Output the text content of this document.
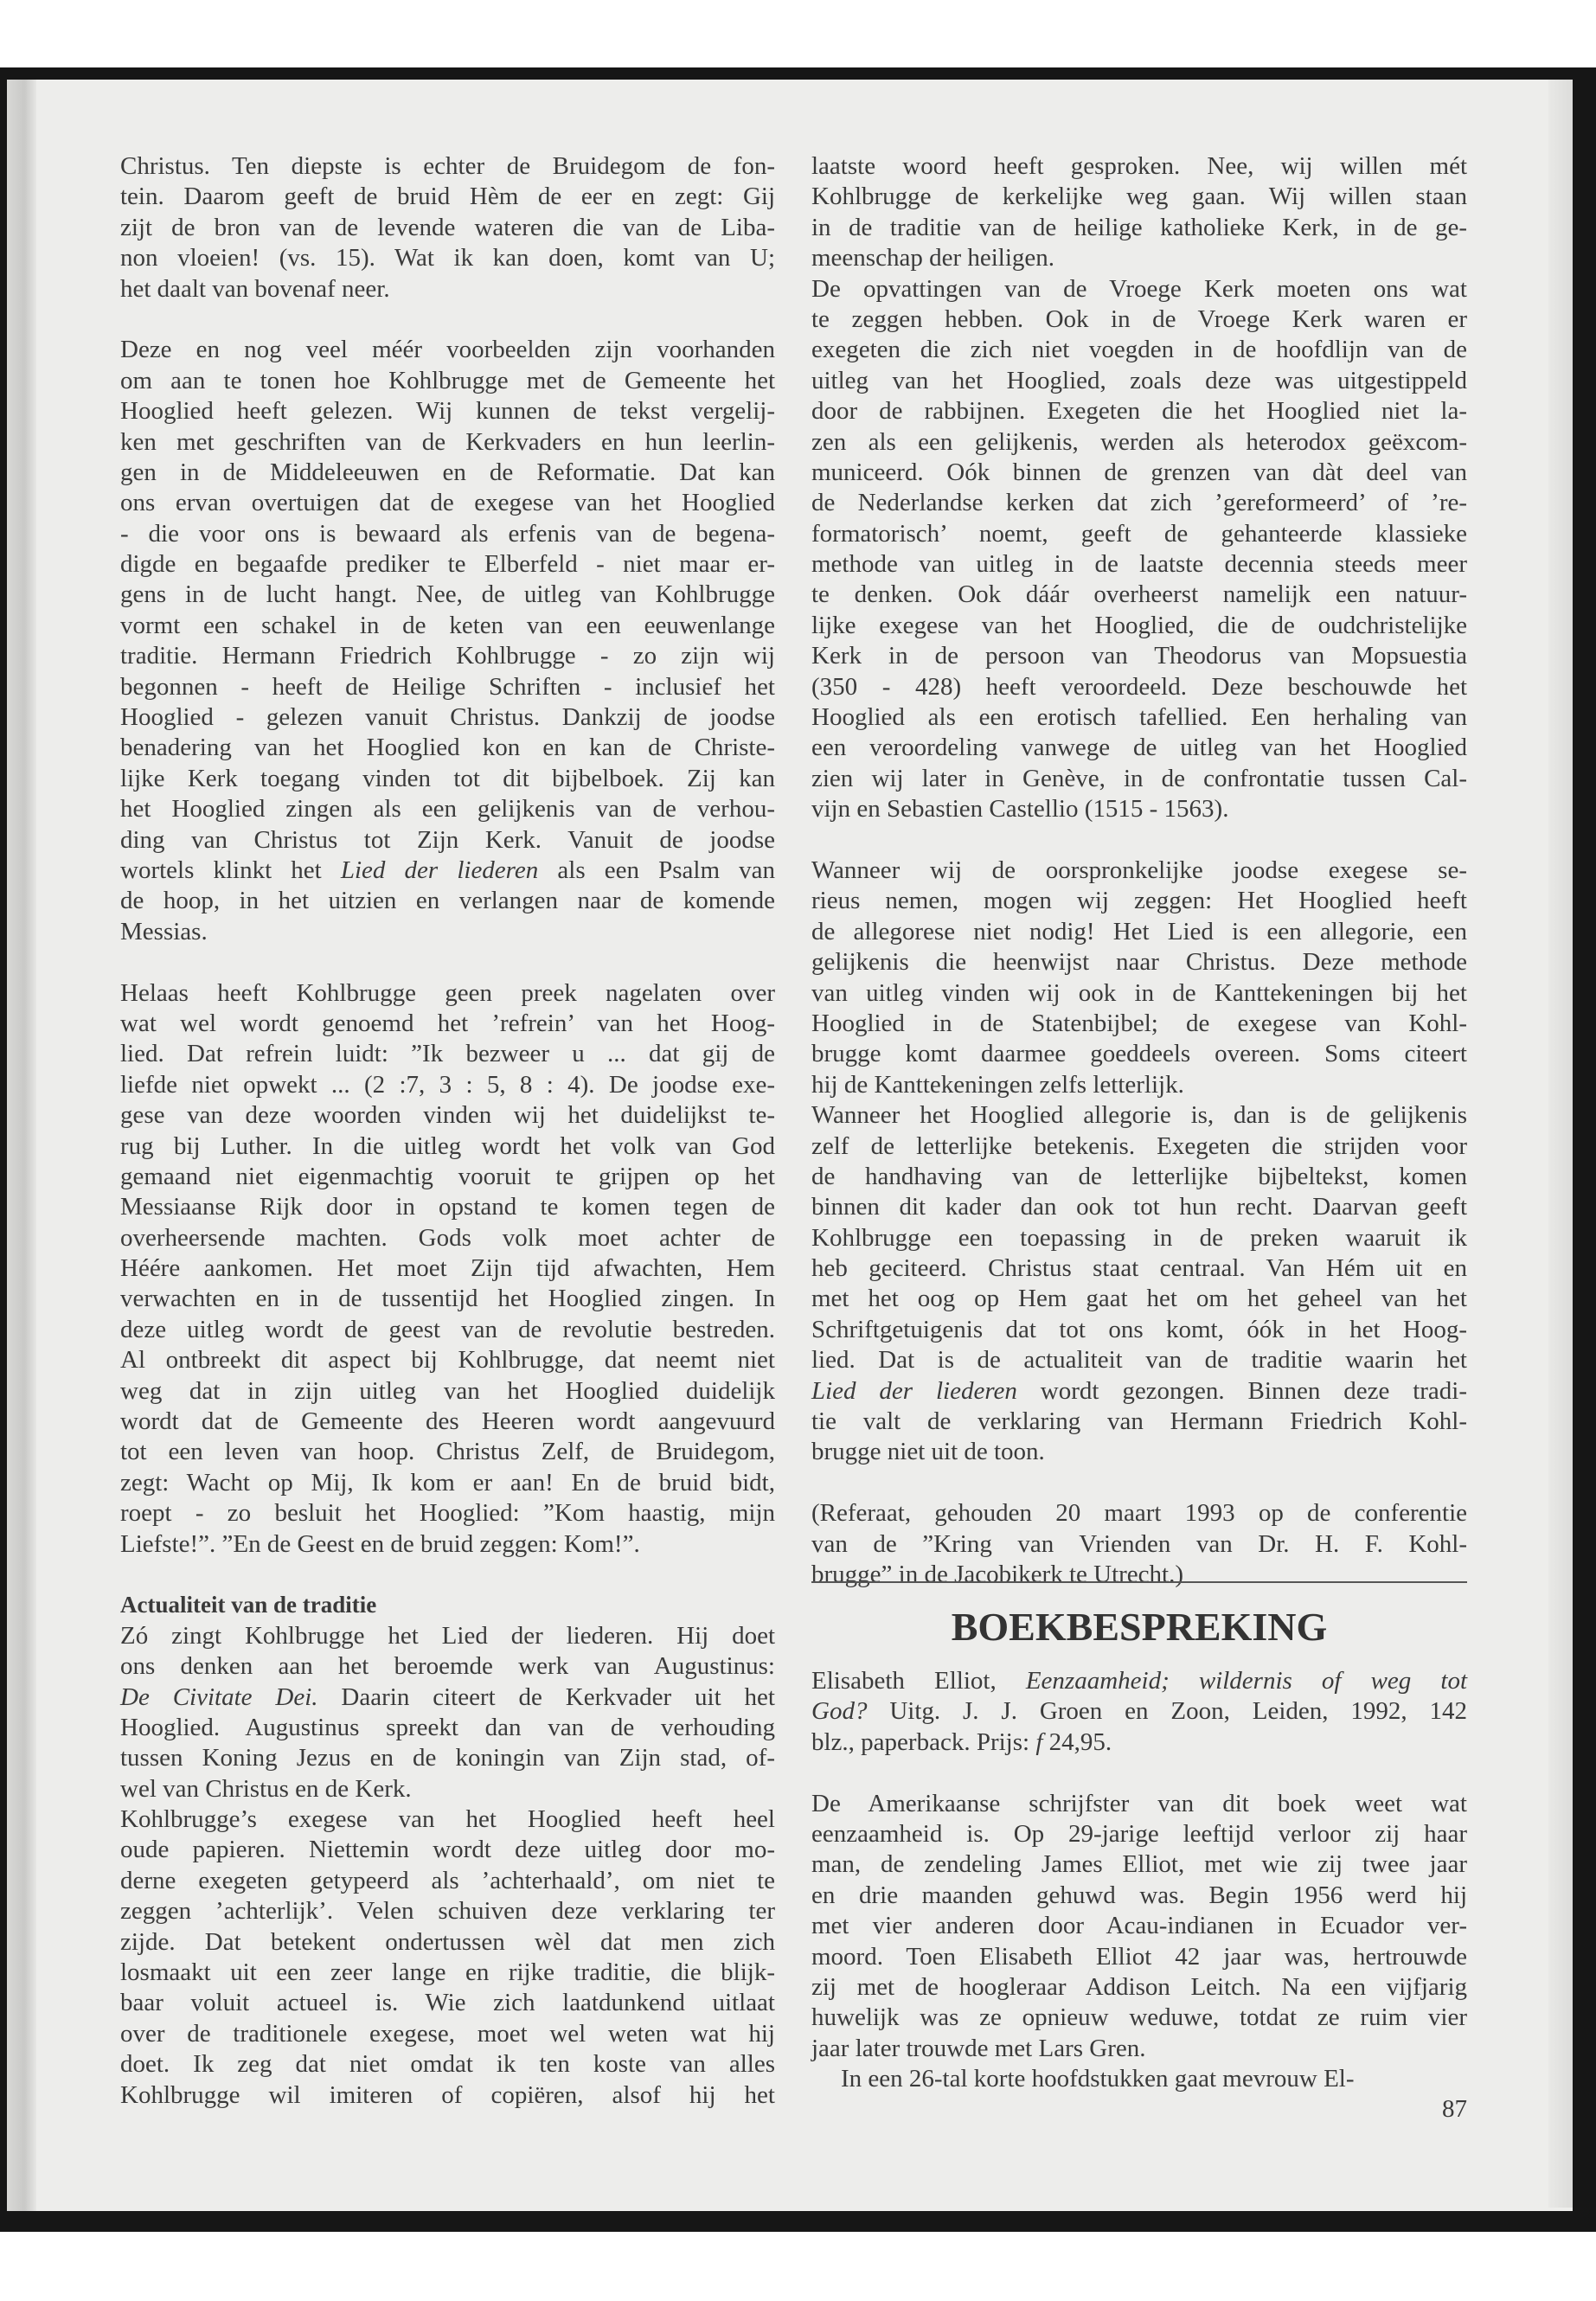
Christus. Ten diepste is echter de Bruidegom de fon-
tein. Daarom geeft de bruid Hèm de eer en zegt: Gij
zijt de bron van de levende wateren die van de Liba-
non vloeien! (vs. 15). Wat ik kan doen, komt van U;
het daalt van bovenaf neer.
Deze en nog veel méér voorbeelden zijn voorhanden
om aan te tonen hoe Kohlbrugge met de Gemeente het
Hooglied heeft gelezen. Wij kunnen de tekst vergelij-
ken met geschriften van de Kerkvaders en hun leerlin-
gen in de Middeleeuwen en de Reformatie. Dat kan
ons ervan overtuigen dat de exegese van het Hooglied
- die voor ons is bewaard als erfenis van de begena-
digde en begaafde prediker te Elberfeld - niet maar er-
gens in de lucht hangt. Nee, de uitleg van Kohlbrugge
vormt een schakel in de keten van een eeuwenlange
traditie. Hermann Friedrich Kohlbrugge - zo zijn wij
begonnen - heeft de Heilige Schriften - inclusief het
Hooglied - gelezen vanuit Christus. Dankzij de joodse
benadering van het Hooglied kon en kan de Christe-
lijke Kerk toegang vinden tot dit bijbelboek. Zij kan
het Hooglied zingen als een gelijkenis van de verhou-
ding van Christus tot Zijn Kerk. Vanuit de joodse
wortels klinkt het Lied der liederen als een Psalm van
de hoop, in het uitzien en verlangen naar de komende
Messias.
Helaas heeft Kohlbrugge geen preek nagelaten over
wat wel wordt genoemd het ’refrein’ van het Hoog-
lied. Dat refrein luidt: ”Ik bezweer u ... dat gij de
liefde niet opwekt ... (2 :7, 3 : 5, 8 : 4). De joodse exe-
gese van deze woorden vinden wij het duidelijkst te-
rug bij Luther. In die uitleg wordt het volk van God
gemaand niet eigenmachtig vooruit te grijpen op het
Messiaanse Rijk door in opstand te komen tegen de
overheersende machten. Gods volk moet achter de
Héére aankomen. Het moet Zijn tijd afwachten, Hem
verwachten en in de tussentijd het Hooglied zingen. In
deze uitleg wordt de geest van de revolutie bestreden.
Al ontbreekt dit aspect bij Kohlbrugge, dat neemt niet
weg dat in zijn uitleg van het Hooglied duidelijk
wordt dat de Gemeente des Heeren wordt aangevuurd
tot een leven van hoop. Christus Zelf, de Bruidegom,
zegt: Wacht op Mij, Ik kom er aan! En de bruid bidt,
roept - zo besluit het Hooglied: ”Kom haastig, mijn
Liefste!”. ”En de Geest en de bruid zeggen: Kom!”.
Actualiteit van de traditie
Zó zingt Kohlbrugge het Lied der liederen. Hij doet
ons denken aan het beroemde werk van Augustinus:
De Civitate Dei. Daarin citeert de Kerkvader uit het
Hooglied. Augustinus spreekt dan van de verhouding
tussen Koning Jezus en de koningin van Zijn stad, of-
wel van Christus en de Kerk.
Kohlbrugge’s exegese van het Hooglied heeft heel
oude papieren. Niettemin wordt deze uitleg door mo-
derne exegeten getypeerd als ’achterhaald’, om niet te
zeggen ’achterlijk’. Velen schuiven deze verklaring ter
zijde. Dat betekent ondertussen wèl dat men zich
losmaakt uit een zeer lange en rijke traditie, die blijk-
baar voluit actueel is. Wie zich laatdunkend uitlaat
over de traditionele exegese, moet wel weten wat hij
doet. Ik zeg dat niet omdat ik ten koste van alles
Kohlbrugge wil imiteren of copiëren, alsof hij het
laatste woord heeft gesproken. Nee, wij willen mét
Kohlbrugge de kerkelijke weg gaan. Wij willen staan
in de traditie van de heilige katholieke Kerk, in de ge-
meenschap der heiligen.
De opvattingen van de Vroege Kerk moeten ons wat
te zeggen hebben. Ook in de Vroege Kerk waren er
exegeten die zich niet voegden in de hoofdlijn van de
uitleg van het Hooglied, zoals deze was uitgestippeld
door de rabbijnen. Exegeten die het Hooglied niet la-
zen als een gelijkenis, werden als heterodox geëxcom-
municeerd. Oók binnen de grenzen van dàt deel van
de Nederlandse kerken dat zich ’gereformeerd’ of ’re-
formatorisch’ noemt, geeft de gehanteerde klassieke
methode van uitleg in de laatste decennia steeds meer
te denken. Ook dáár overheerst namelijk een natuur-
lijke exegese van het Hooglied, die de oudchristelijke
Kerk in de persoon van Theodorus van Mopsuestia
(350 - 428) heeft veroordeeld. Deze beschouwde het
Hooglied als een erotisch tafellied. Een herhaling van
een veroordeling vanwege de uitleg van het Hooglied
zien wij later in Genève, in de confrontatie tussen Cal-
vijn en Sebastien Castellio (1515 - 1563).
Wanneer wij de oorspronkelijke joodse exegese se-
rieus nemen, mogen wij zeggen: Het Hooglied heeft
de allegorese niet nodig! Het Lied is een allegorie, een
gelijkenis die heenwijst naar Christus. Deze methode
van uitleg vinden wij ook in de Kanttekeningen bij het
Hooglied in de Statenbijbel; de exegese van Kohl-
brugge komt daarmee goeddeels overeen. Soms citeert
hij de Kanttekeningen zelfs letterlijk.
Wanneer het Hooglied allegorie is, dan is de gelijkenis
zelf de letterlijke betekenis. Exegeten die strijden voor
de handhaving van de letterlijke bijbeltekst, komen
binnen dit kader dan ook tot hun recht. Daarvan geeft
Kohlbrugge een toepassing in de preken waaruit ik
heb geciteerd. Christus staat centraal. Van Hém uit en
met het oog op Hem gaat het om het geheel van het
Schriftgetuigenis dat tot ons komt, óók in het Hoog-
lied. Dat is de actualiteit van de traditie waarin het
Lied der liederen wordt gezongen. Binnen deze tradi-
tie valt de verklaring van Hermann Friedrich Kohl-
brugge niet uit de toon.
(Referaat, gehouden 20 maart 1993 op de conferentie
van de ”Kring van Vrienden van Dr. H. F. Kohl-
brugge” in de Jacobikerk te Utrecht.)
BOEKBESPREKING
Elisabeth Elliot, Eenzaamheid; wildernis of weg tot
God? Uitg. J. J. Groen en Zoon, Leiden, 1992, 142
blz., paperback. Prijs: f 24,95.
De Amerikaanse schrijfster van dit boek weet wat
eenzaamheid is. Op 29-jarige leeftijd verloor zij haar
man, de zendeling James Elliot, met wie zij twee jaar
en drie maanden gehuwd was. Begin 1956 werd hij
met vier anderen door Acau-indianen in Ecuador ver-
moord. Toen Elisabeth Elliot 42 jaar was, hertrouwde
zij met de hoogleraar Addison Leitch. Na een vijfjarig
huwelijk was ze opnieuw weduwe, totdat ze ruim vier
jaar later trouwde met Lars Gren.
In een 26-tal korte hoofdstukken gaat mevrouw El-
87
